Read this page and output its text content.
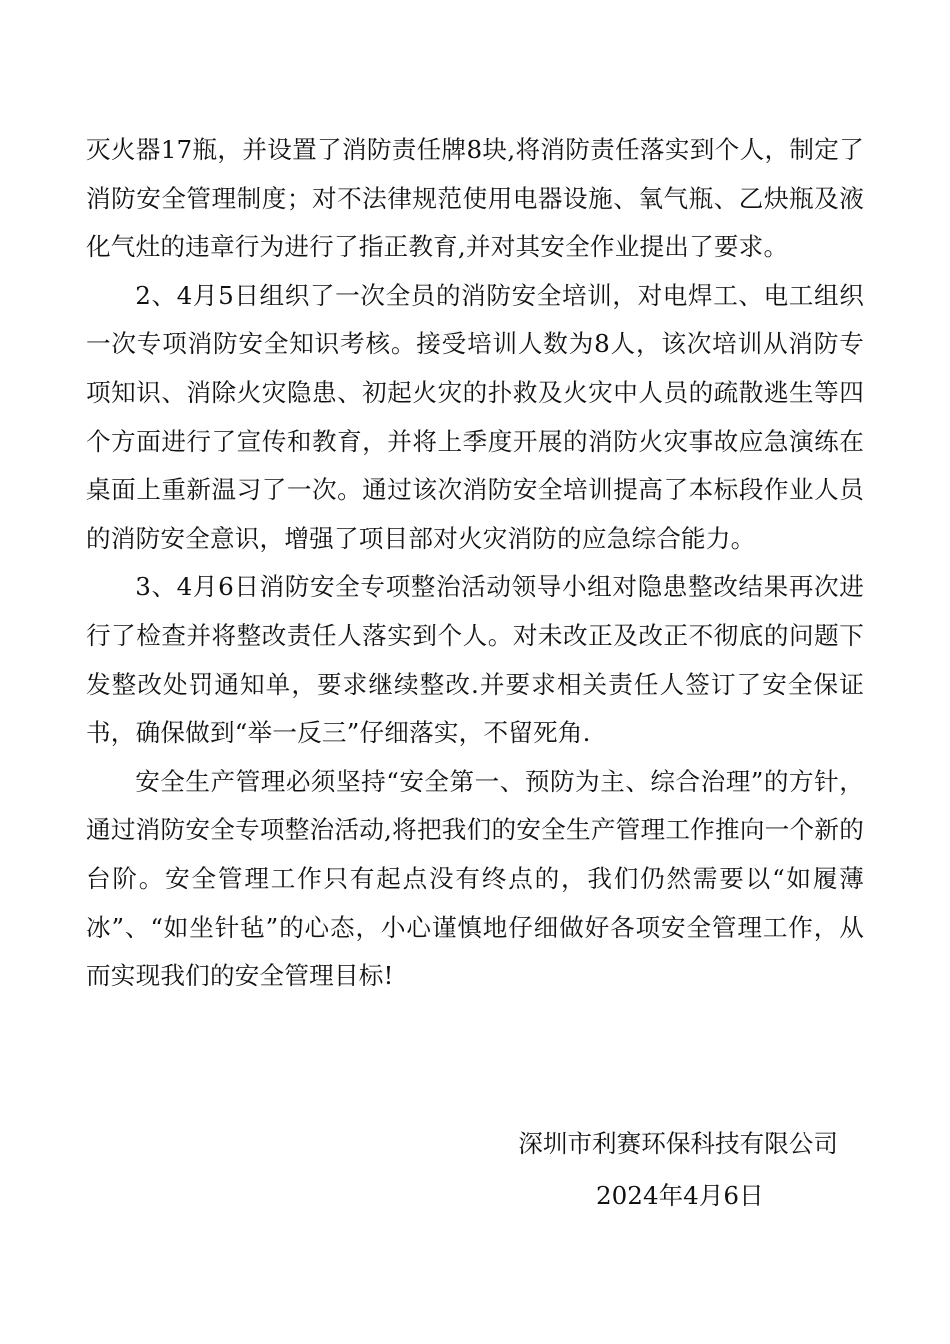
灭火器17瓶，并设置了消防责任牌8块,将消防责任落实到个人，制定了消防安全管理制度；对不法律规范使用电器设施、氧气瓶、乙炔瓶及液化气灶的违章行为进行了指正教育,并对其安全作业提出了要求。

2、4月5日组织了一次全员的消防安全培训，对电焊工、电工组织一次专项消防安全知识考核。接受培训人数为8人，该次培训从消防专项知识、消除火灾隐患、初起火灾的扑救及火灾中人员的疏散逃生等四个方面进行了宣传和教育，并将上季度开展的消防火灾事故应急演练在桌面上重新温习了一次。通过该次消防安全培训提高了本标段作业人员的消防安全意识，增强了项目部对火灾消防的应急综合能力。

3、4月6日消防安全专项整治活动领导小组对隐患整改结果再次进行了检查并将整改责任人落实到个人。对未改正及改正不彻底的问题下发整改处罚通知单，要求继续整改.并要求相关责任人签订了安全保证书，确保做到“举一反三”仔细落实，不留死角.

安全生产管理必须坚持“安全第一、预防为主、综合治理”的方针，通过消防安全专项整治活动,将把我们的安全生产管理工作推向一个新的台阶。安全管理工作只有起点没有终点的，我们仍然需要以“如履薄冰”、“如坐针毡”的心态，小心谨慎地仔细做好各项安全管理工作，从而实现我们的安全管理目标!

深圳市利赛环保科技有限公司
2024年4月6日
